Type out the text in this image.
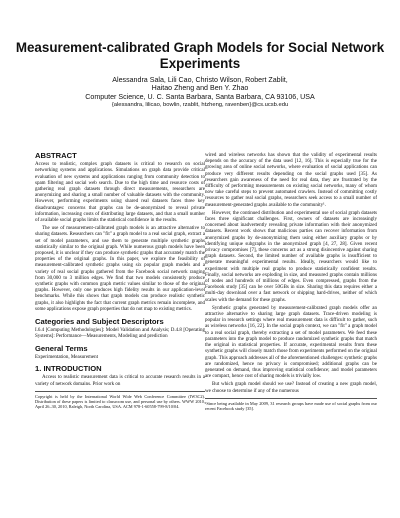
Measurement-calibrated Graph Models for Social Network Experiments
Alessandra Sala, Lili Cao, Christo Wilson, Robert Zablit,
Haitao Zheng and Ben Y. Zhao
Computer Science, U. C. Santa Barbara, Santa Barbara, CA 93106, USA
{alessandra, lilicao, bowlin, rzablit, htzheng, ravenben}@cs.ucsb.edu
ABSTRACT

Access to realistic, complex graph datasets is critical to research on social networking systems and applications. Simulations on graph data provide critical evaluation of new systems and applications ranging from community detection to spam filtering and social web search. Due to the high time and resource costs of gathering real graph datasets through direct measurements, researchers are anonymizing and sharing a small number of valuable datasets with the community. However, performing experiments using shared real datasets faces three key disadvantages: concerns that graphs can be de-anonymized to reveal private information, increasing costs of distributing large datasets, and that a small number of available social graphs limits the statistical confidence in the results.

The use of measurement-calibrated graph models is an attractive alternative to sharing datasets. Researchers can "fit" a graph model to a real social graph, extract a set of model parameters, and use them to generate multiple synthetic graphs statistically similar to the original graph. While numerous graph models have been proposed, it is unclear if they can produce synthetic graphs that accurately match the properties of the original graphs. In this paper, we explore the feasibility of measurement-calibrated synthetic graphs using six popular graph models and a variety of real social graphs gathered from the Facebook social network ranging from 30,000 to 3 million edges. We find that two models consistently produce synthetic graphs with common graph metric values similar to those of the original graphs. However, only one produces high fidelity results in our application-level benchmarks. While this shows that graph models can produce realistic synthetic graphs, it also highlights the fact that current graph metrics remain incomplete, and some applications expose graph properties that do not map to existing metrics.

Categories and Subject Descriptors

I.6.4 [Computing Methodologies]: Model Validation and Analysis; D.4.8 [Operating Systems]: Performance—Measurements, Modeling and prediction

General Terms

Experimentation, Measurement

1. INTRODUCTION

Access to realistic measurement data is critical to accurate research results in a variety of network domains. Prior work on

Copyright is held by the International World Wide Web Conference Committee (IW3C2). Distribution of these papers is limited to classroom use, and personal use by others. WWW 2010, April 26–30, 2010, Raleigh, North Carolina, USA. ACM 978-1-60558-799-8/10/04.

wired and wireless networks has shown that the validity of experimental results depends on the accuracy of the data used [12, 16]. This is especially true for the growing area of online social networks, where evaluation of social applications can produce very different results depending on the social graphs used [35]. As researchers gain awareness of the need for real data, they are frustrated by the difficulty of performing measurements on existing social networks, many of whom now take careful steps to prevent automated crawlers. Instead of committing costly resources to gather real social graphs, researchers seek access to a small number of measurement-generated graphs available to the community¹.

However, the continued distribution and experimental use of social graph datasets faces three significant challenges. First, owners of datasets are increasingly concerned about inadvertently revealing private information with their anonymized datasets. Recent work shows that malicious parties can recover information from anonymized graphs by de-anonymizing them using either auxiliary graphs or by identifying unique subgraphs in the anonymized graph [4, 27, 28]. Given recent privacy compromises [7], these concerns act as a strong disincentive against sharing graph datasets. Second, the limited number of available graphs is insufficient to generate meaningful experimental results. Ideally, researchers would like to experiment with multiple real graphs to produce statistically confident results. Finally, social networks are exploding in size, and measured graphs contain millions of nodes and hundreds of millions of edges. Even compressed, graphs from the Facebook study [35] can be over 50GBs in size. Sharing this data requires either a multi-day download over a fast network or shipping hard-drives, neither of which scales with the demand for these graphs.

Synthetic graphs generated by measurement-calibrated graph models offer an attractive alternative to sharing large graph datasets. Trace-driven modeling is popular in research settings where real measurement data is difficult to gather, such as wireless networks [16, 22]. In the social graph context, we can "fit" a graph model to a real social graph, thereby extracting a set of model parameters. We feed these parameters into the graph model to produce randomized synthetic graphs that match the original in statistical properties. If accurate, experimental results from these synthetic graphs will closely match those from experiments performed on the original graph. This approach addresses all of the aforementioned challenges: synthetic graphs are randomized, hence no privacy is compromised; additional graphs can be generated on demand, thus improving statistical confidence; and model parameters are compact, hence cost of sharing models is trivially low.

But which graph model should we use? Instead of creating a new graph model, we choose to determine if any of the numerous

¹Since being available in May 2009, 31 research groups have made use of social graphs from our recent Facebook study [35].
